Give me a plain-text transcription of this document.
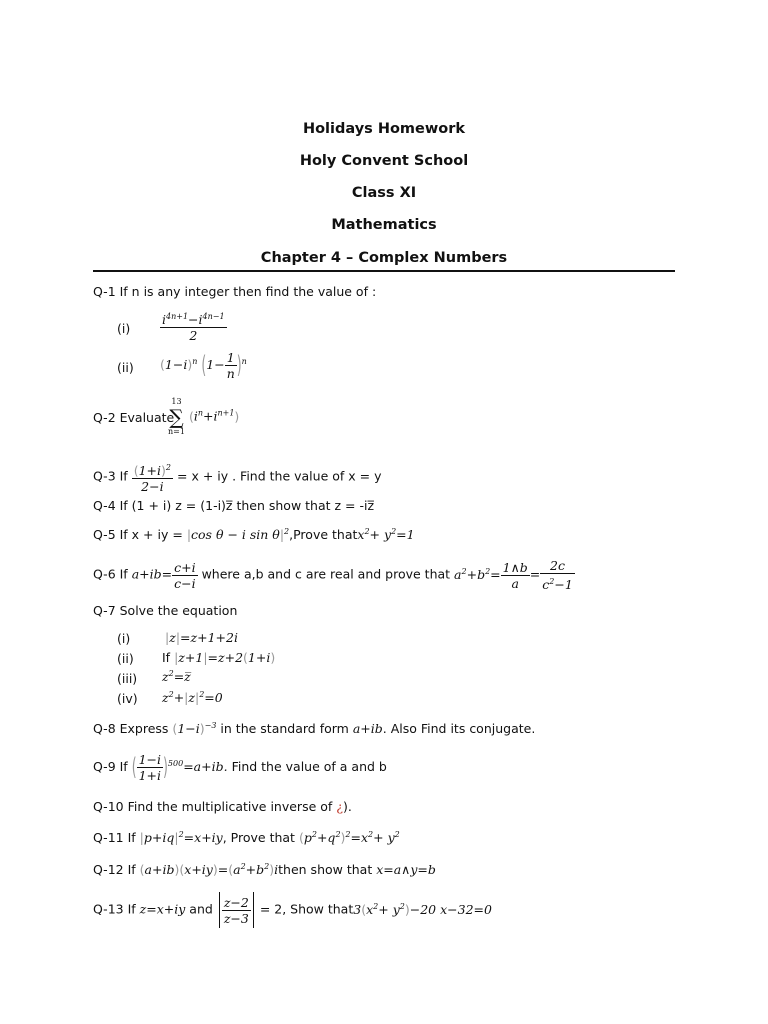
Holidays Homework
Holy Convent School
Class XI
Mathematics
Chapter 4 – Complex Numbers
Q-1 If n is any integer then find the value of :
$(i) \frac{i^{4n+1}-i^{4n-1}}{2}$
(ii) $(1-i)^n$ $(1- \frac{1}{n} )^n$
Q-2 Evaluate
13
∑
n=1
$(i^n+i^{n+1})$
Q-3 If $\frac{(1+i)^2}{2-i} = x$ + iy . Find the value of x = y
Q-4 If (1 + i) z = (1-i)z̅ then show that z = -iz̅
Q-5 If x + iy = |cos θ − i $\sin \theta|^2,Prove$ thatx$^2$+ $y^2=1$
Q-6 If $a+ib= \frac{c+i}{c-i}$ where a,b and c are real and prove that $a^2+b^2= \frac{1\wedge b}{a} = \frac{2c}{c^2-1}$
Q-7 Solve the equation
(i)	|z|=z+1+2i
(ii) If |z+1|=z+2(1+i)
(iii) $z^2=z̅$
(iv) $z^2+|z|^2=0$
Q-8 Express $(1-i)^{-3}$ in the standard form a+ib. Also Find its conjugate.
Q-9 If ( $\frac{1-i}{1+i} )^{500}=a+ib$. Find the value of a and b
Q-10 Find the multiplicative inverse of ¿).
Q-11 If $|p+iq|^2=x+iy$, Prove that $(p^2+q^2)^2=x^2+ y^2$
Q-12 If $(a+ib)(x+iy)=(a^2+b^2)ithen$ show that x=a∧y=b
Q-13 If z=x+iy and $\frac{z-2}{z-3} = 2$, Show $that3(x^2+ y^2)-20$ x−32=0
